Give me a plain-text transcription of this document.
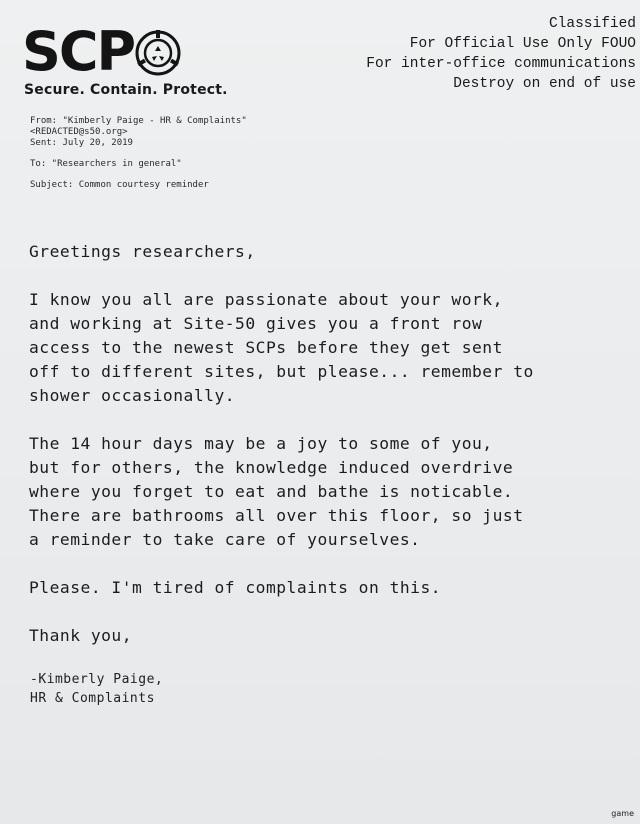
SCP
Secure. Contain. Protect.
Classified
For Official Use Only FOUO
For inter-office communications
Destroy on end of use
From: "Kimberly Paige - HR & Complaints"
<REDACTED@s50.org>
Sent: July 20, 2019
To: "Researchers in general"
Subject: Common courtesy reminder

Greetings researchers,

I know you all are passionate about your work,

and working at Site-50 gives you a front row

access to the newest SCPs before they get sent

off to different sites, but please... remember to

shower occasionally.

The 14 hour days may be a joy to some of you,

but for others, the knowledge induced overdrive

where you forget to eat and bathe is noticable.

There are bathrooms all over this floor, so just

a reminder to take care of yourselves.

Please. I'm tired of complaints on this.

Thank you,

-Kimberly Paige,
HR & Complaints
game
